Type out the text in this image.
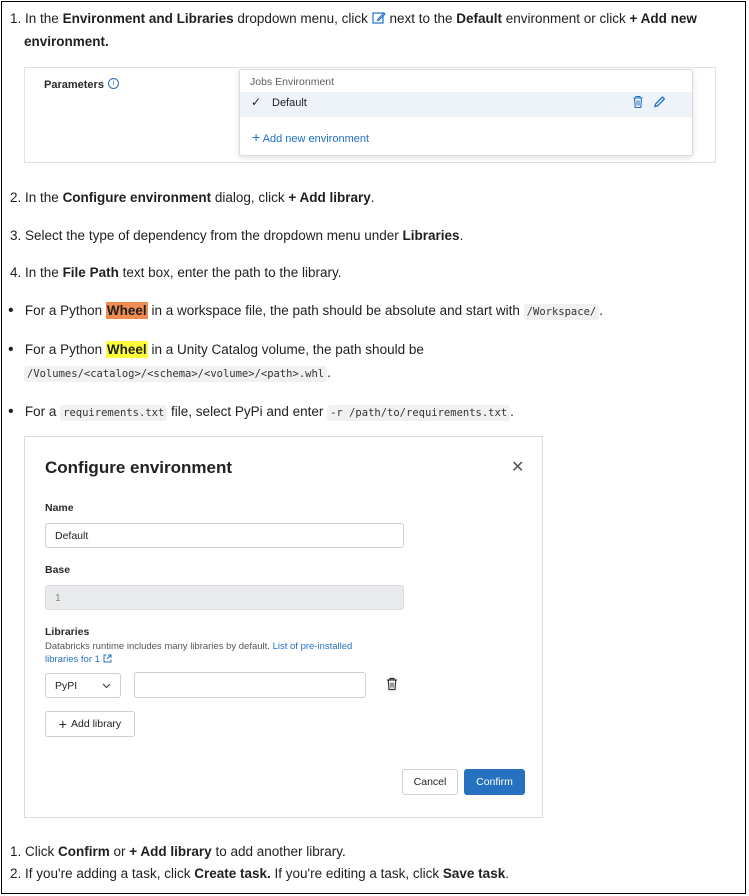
1. In the Environment and Libraries dropdown menu, click  next to the Default environment or click + Add new
environment.
Parameters	i	Jobs Environment
✓ Default
+ Add new environment
2. In the Configure environment dialog, click + Add library.
3. Select the type of dependency from the dropdown menu under Libraries.
4. In the File Path text box, enter the path to the library.
• For a Python Wheel in a workspace file, the path should be absolute and start with /Workspace/ .
• For a Python Wheel in a Unity Catalog volume, the path should be
/Volumes/<catalog>/<schema>/<volume>/<path>.whl .
• For a requirements.txt file, select PyPi and enter -r /path/to/requirements.txt .
Configure environment	✕
Name
Default
Base
1
Libraries
Databricks runtime includes many libraries by default. List of pre-installed
libraries for 1
PyPI
+ Add library
Cancel	Confirm
1. Click Confirm or + Add library to add another library.
2. If you're adding a task, click Create task. If you're editing a task, click Save task.
